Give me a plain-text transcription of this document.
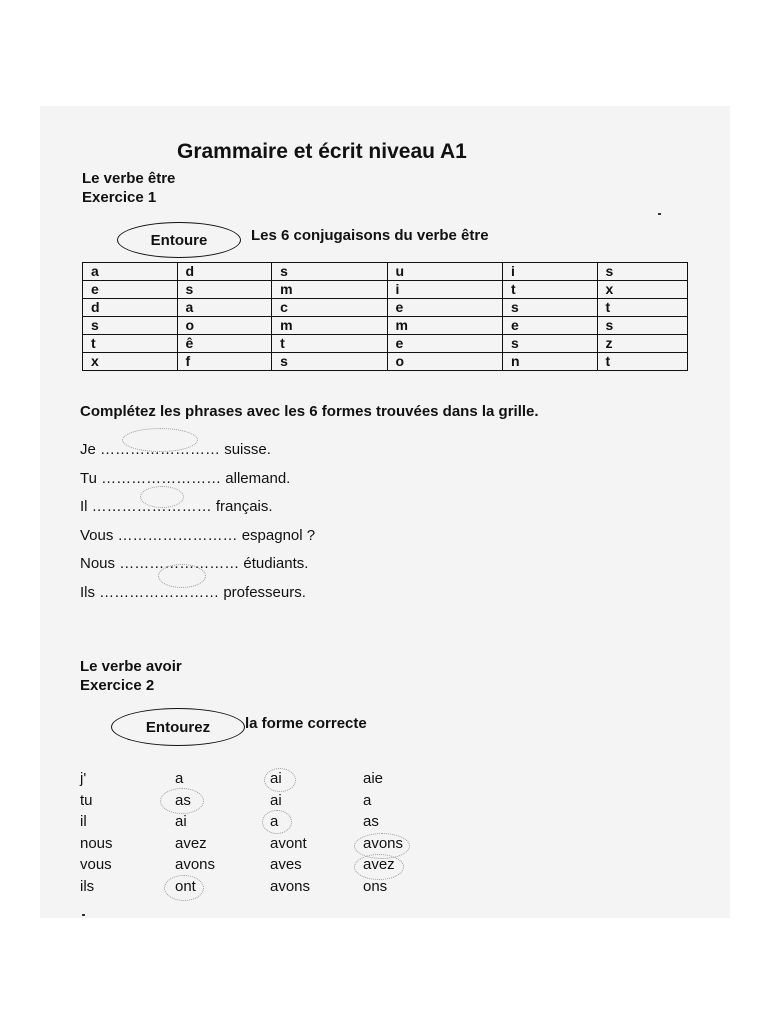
Grammaire et écrit niveau A1
Le verbe être
Exercice 1
Entoure	Les 6 conjugaisons du verbe être
a	d	s	u	i	s
e	s	m	i	t	x
d	a	c	e	s	t
s	o	m	m	e	s
t	ê	t	e	s	z
x	f	s	o	n	t
Complétez les phrases avec les 6 formes trouvées dans la grille.
Je …………………… suisse.
Tu …………………… allemand.
Il …………………… français.
Vous …………………… espagnol ?
Nous …………………… étudiants.
Ils …………………… professeurs.
Le verbe avoir
Exercice 2
Entourez la forme correcte
j'	a	ai	aie
tu	as	ai	a
il	ai	a	as
nous	avez	avont	avons
vous	avons	aves	avez
ils	ont	avons	ons
